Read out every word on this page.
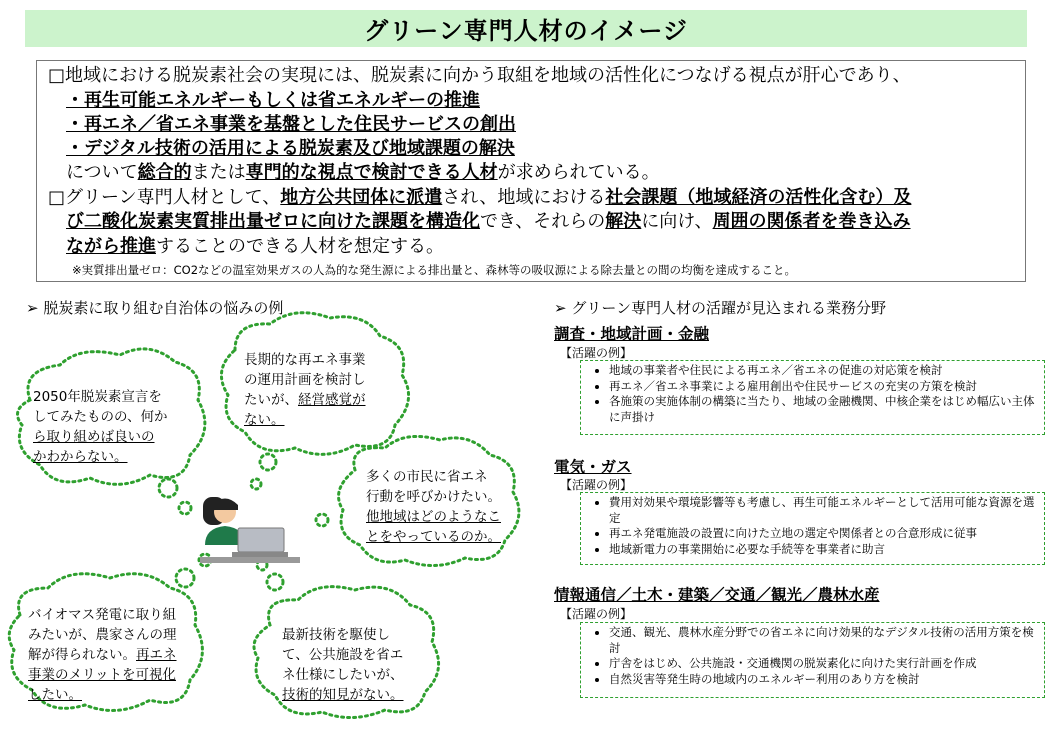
グリーン専門人材のイメージ
□地域における脱炭素社会の実現には、脱炭素に向かう取組を地域の活性化につなげる視点が肝心であり、
・再生可能エネルギーもしくは省エネルギーの推進
・再エネ／省エネ事業を基盤とした住民サービスの創出
・デジタル技術の活用による脱炭素及び地域課題の解決
について総合的または専門的な視点で検討できる人材が求められている。
□グリーン専門人材として、地方公共団体に派遣され、地域における社会課題（地域経済の活性化含む）及
び二酸化炭素実質排出量ゼロに向けた課題を構造化でき、それらの解決に向け、周囲の関係者を巻き込み
ながら推進することのできる人材を想定する。
※実質排出量ゼロ：CO2などの温室効果ガスの人為的な発生源による排出量と、森林等の吸収源による除去量との間の均衡を達成すること。
➢ 脱炭素に取り組む自治体の悩みの例	➢ グリーン専門人材の活躍が見込まれる業務分野
2050年脱炭素宣言を
してみたものの、何か
ら取り組めば良いの
かわからない。
長期的な再エネ事業
の運用計画を検討し
たいが、経営感覚が
ない。
多くの市民に省エネ
行動を呼びかけたい。
他地域はどのようなこ
とをやっているのか。
バイオマス発電に取り組
みたいが、農家さんの理
解が得られない。再エネ
事業のメリットを可視化
したい。
最新技術を駆使し
て、公共施設を省エ
ネ仕様にしたいが、
技術的知見がない。
調査・地域計画・金融
【活躍の例】
• 地域の事業者や住民による再エネ／省エネの促進の対応策を検討
• 再エネ／省エネ事業による雇用創出や住民サービスの充実の方策を検討
• 各施策の実施体制の構築に当たり、地域の金融機関、中核企業をはじめ幅広い主体に声掛け
電気・ガス
【活躍の例】
• 費用対効果や環境影響等も考慮し、再生可能エネルギーとして活用可能な資源を選定
• 再エネ発電施設の設置に向けた立地の選定や関係者との合意形成に従事
• 地域新電力の事業開始に必要な手続等を事業者に助言
情報通信／土木・建築／交通／観光／農林水産
【活躍の例】
• 交通、観光、農林水産分野での省エネに向け効果的なデジタル技術の活用方策を検討
• 庁舎をはじめ、公共施設・交通機関の脱炭素化に向けた実行計画を作成
• 自然災害等発生時の地域内のエネルギー利用のあり方を検討
